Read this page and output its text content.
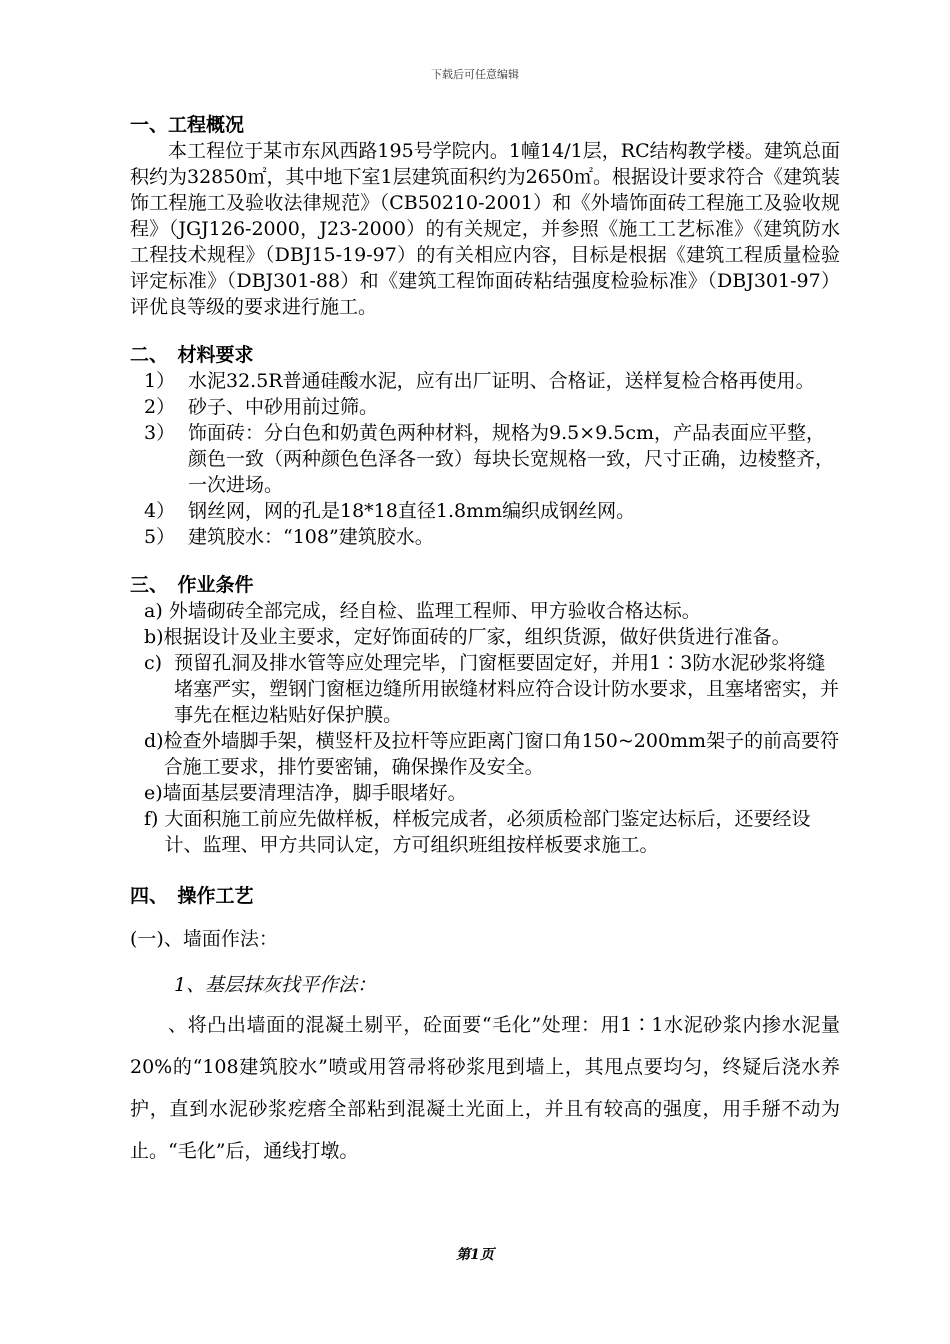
下载后可任意编辑

一、工程概况

本工程位于某市东风西路195号学院内。1幢14/1层，RC结构教学楼。建筑总面积约为32850㎡，其中地下室1层建筑面积约为2650㎡。根据设计要求符合《建筑装饰工程施工及验收法律规范》（CB50210-2001）和《外墙饰面砖工程施工及验收规程》（JGJ126-2000，J23-2000）的有关规定，并参照《施工工艺标准》《建筑防水工程技术规程》（DBJ15-19-97）的有关相应内容，目标是根据《建筑工程质量检验评定标准》（DBJ301-88）和《建筑工程饰面砖粘结强度检验标准》（DBJ301-97）评优良等级的要求进行施工。

二、　材料要求

1） 水泥32.5R普通硅酸水泥，应有出厂证明、合格证，送样复检合格再使用。
2） 砂子、中砂用前过筛。
3） 饰面砖：分白色和奶黄色两种材料，规格为9.5×9.5cm，产品表面应平整，颜色一致（两种颜色色泽各一致）每块长宽规格一致，尺寸正确，边棱整齐，一次进场。
4） 钢丝网，网的孔是18*18直径1.8mm编织成钢丝网。
5） 建筑胶水：“108”建筑胶水。

三、　作业条件

a) 外墙砌砖全部完成，经自检、监理工程师、甲方验收合格达标。
b) 根据设计及业主要求，定好饰面砖的厂家，组织货源，做好供货进行准备。
c) 预留孔洞及排水管等应处理完毕，门窗框要固定好，并用1∶3防水泥砂浆将缝堵塞严实，塑钢门窗框边缝所用嵌缝材料应符合设计防水要求，且塞堵密实，并事先在框边粘贴好保护膜。
d) 检查外墙脚手架，横竖杆及拉杆等应距离门窗口角150~200mm架子的前高要符合施工要求，排竹要密铺，确保操作及安全。
e) 墙面基层要清理洁净，脚手眼堵好。
f) 大面积施工前应先做样板，样板完成者，必须质检部门鉴定达标后，还要经设计、监理、甲方共同认定，方可组织班组按样板要求施工。

四、　操作工艺

(一)、墙面作法：

1、基层抹灰找平作法：

、将凸出墙面的混凝土剔平，砼面要“毛化”处理：用1∶1水泥砂浆内掺水泥量20%的“108建筑胶水”喷或用笤帚将砂浆甩到墙上，其甩点要均匀，终疑后浇水养护，直到水泥砂浆疙瘩全部粘到混凝土光面上，并且有较高的强度，用手掰不动为止。“毛化”后，通线打墩。

第1页
